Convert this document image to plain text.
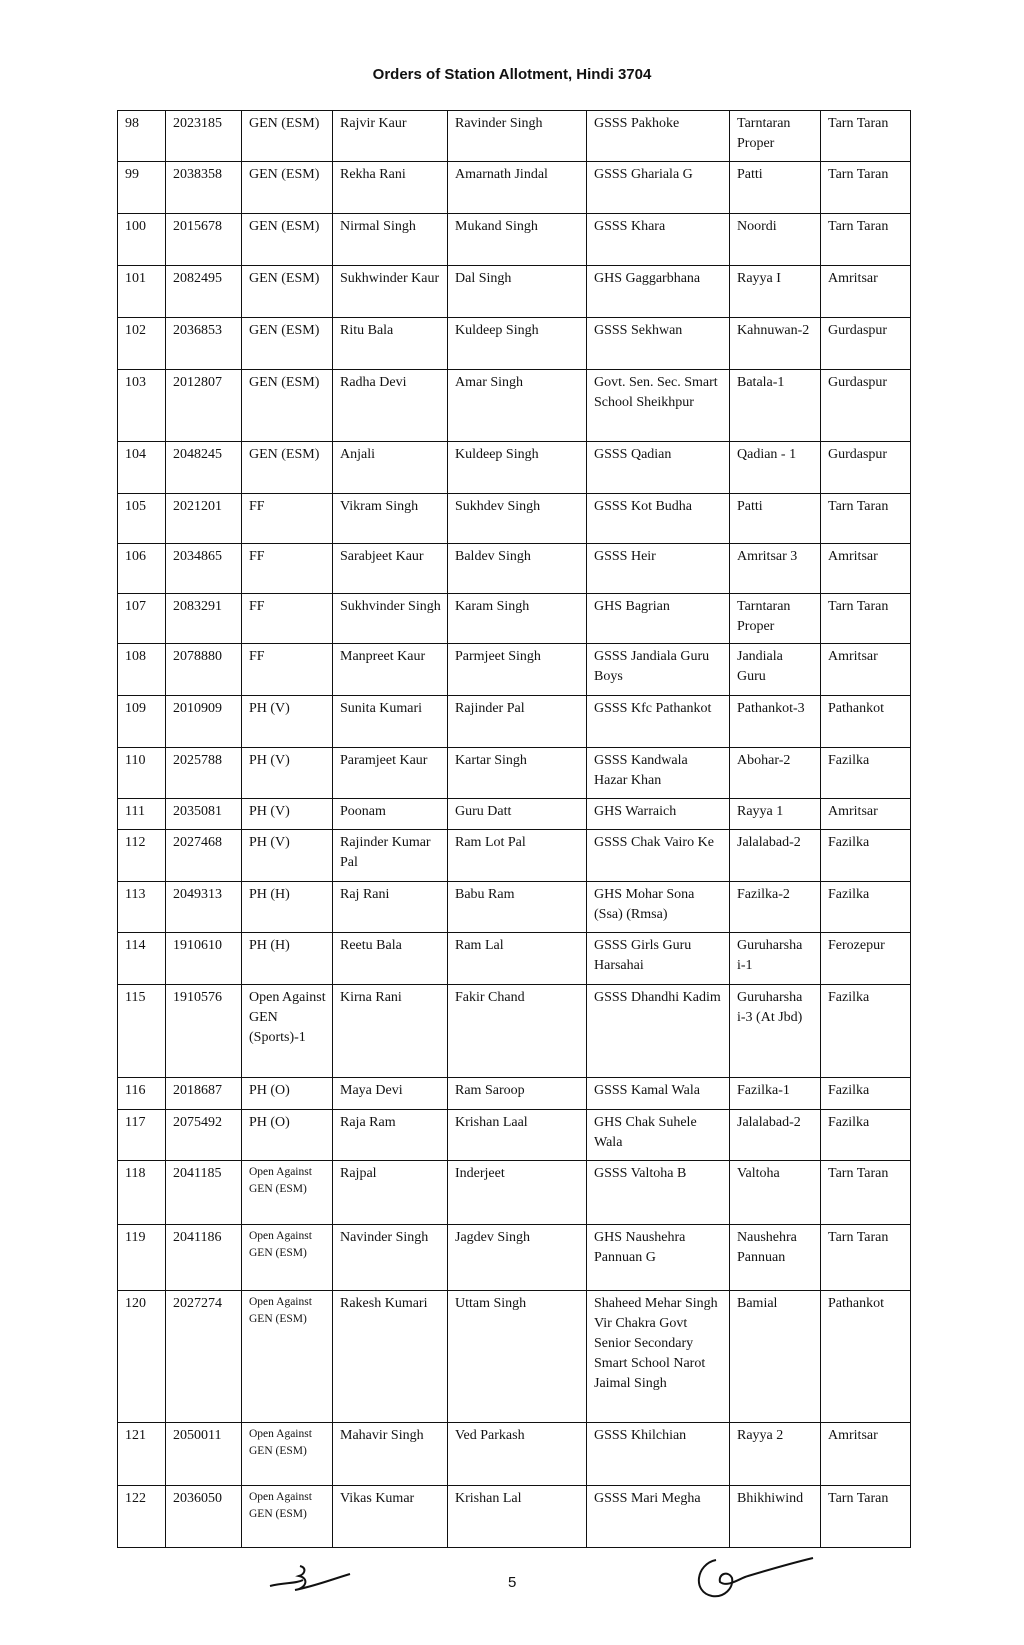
Orders of Station Allotment, Hindi 3704
98	2023185	GEN (ESM)	Rajvir Kaur	Ravinder Singh	GSSS Pakhoke	Tarntaran Proper	Tarn Taran
99	2038358	GEN (ESM)	Rekha Rani	Amarnath Jindal	GSSS Ghariala G	Patti	Tarn Taran
100	2015678	GEN (ESM)	Nirmal Singh	Mukand Singh	GSSS Khara	Noordi	Tarn Taran
101	2082495	GEN (ESM)	Sukhwinder Kaur	Dal Singh	GHS Gaggarbhana	Rayya I	Amritsar
102	2036853	GEN (ESM)	Ritu Bala	Kuldeep Singh	GSSS Sekhwan	Kahnuwan-2	Gurdaspur
103	2012807	GEN (ESM)	Radha Devi	Amar Singh	Govt. Sen. Sec. Smart School Sheikhpur	Batala-1	Gurdaspur
104	2048245	GEN (ESM)	Anjali	Kuldeep Singh	GSSS Qadian	Qadian - 1	Gurdaspur
105	2021201	FF	Vikram Singh	Sukhdev Singh	GSSS Kot Budha	Patti	Tarn Taran
106	2034865	FF	Sarabjeet Kaur	Baldev Singh	GSSS Heir	Amritsar 3	Amritsar
107	2083291	FF	Sukhvinder Singh	Karam Singh	GHS Bagrian	Tarntaran Proper	Tarn Taran
108	2078880	FF	Manpreet Kaur	Parmjeet Singh	GSSS Jandiala Guru Boys	Jandiala Guru	Amritsar
109	2010909	PH (V)	Sunita Kumari	Rajinder Pal	GSSS Kfc Pathankot	Pathankot-3	Pathankot
110	2025788	PH (V)	Paramjeet Kaur	Kartar Singh	GSSS Kandwala Hazar Khan	Abohar-2	Fazilka
111	2035081	PH (V)	Poonam	Guru Datt	GHS Warraich	Rayya 1	Amritsar
112	2027468	PH (V)	Rajinder Kumar Pal	Ram Lot Pal	GSSS Chak Vairo Ke	Jalalabad-2	Fazilka
113	2049313	PH (H)	Raj Rani	Babu Ram	GHS Mohar Sona (Ssa) (Rmsa)	Fazilka-2	Fazilka
114	1910610	PH (H)	Reetu Bala	Ram Lal	GSSS Girls Guru Harsahai	Guruharsha i-1	Ferozepur
115	1910576	Open Against GEN (Sports)-1	Kirna Rani	Fakir Chand	GSSS Dhandhi Kadim	Guruharsha i-3 (At Jbd)	Fazilka
116	2018687	PH (O)	Maya Devi	Ram Saroop	GSSS Kamal Wala	Fazilka-1	Fazilka
117	2075492	PH (O)	Raja Ram	Krishan Laal	GHS Chak Suhele Wala	Jalalabad-2	Fazilka
118	2041185	Open Against GEN (ESM)	Rajpal	Inderjeet	GSSS Valtoha B	Valtoha	Tarn Taran
119	2041186	Open Against GEN (ESM)	Navinder Singh	Jagdev Singh	GHS Naushehra Pannuan G	Naushehra Pannuan	Tarn Taran
120	2027274	Open Against GEN (ESM)	Rakesh Kumari	Uttam Singh	Shaheed Mehar Singh Vir Chakra Govt Senior Secondary Smart School Narot Jaimal Singh	Bamial	Pathankot
121	2050011	Open Against GEN (ESM)	Mahavir Singh	Ved Parkash	GSSS Khilchian	Rayya 2	Amritsar
122	2036050	Open Against GEN (ESM)	Vikas Kumar	Krishan Lal	GSSS Mari Megha	Bhikhiwind	Tarn Taran
5
